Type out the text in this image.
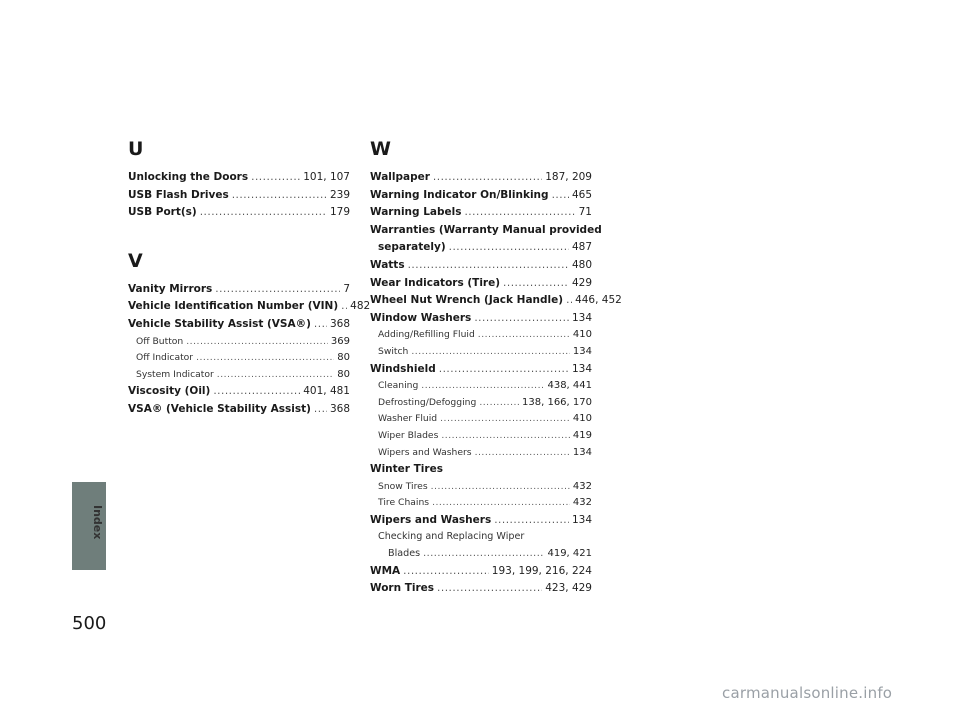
Index
500
U
Unlocking the Doors .....	101, 107
USB Flash Drives .....	239
USB Port(s) .....	179
V
Vanity Mirrors .....	7
Vehicle Identification Number (VIN) ..... 482
Vehicle Stability Assist (VSA®) ..... 368
Off Button .....	369
Off Indicator .....	80
System Indicator .....	80
Viscosity (Oil) .....	401, 481
VSA® (Vehicle Stability Assist) ..... 368
W
Wallpaper .....	187, 209
Warning Indicator On/Blinking ..... 465
Warning Labels .....	71
Warranties (Warranty Manual provided
separately) .....	487
Watts .....	480
Wear Indicators (Tire) .....	429
Wheel Nut Wrench (Jack Handle) ..... 446, 452
Window Washers .....	134
Adding/Refilling Fluid .....	410
Switch .....	134
Windshield .....	134
Cleaning .....	438, 441
Defrosting/Defogging .....	138, 166, 170
Washer Fluid .....	410
Wiper Blades .....	419
Wipers and Washers .....	134
Winter Tires
Snow Tires .....	432
Tire Chains .....	432
Wipers and Washers .....	134
Checking and Replacing Wiper
Blades .....	419, 421
WMA .....	193, 199, 216, 224
Worn Tires .....	423, 429
carmanualsonline.info
